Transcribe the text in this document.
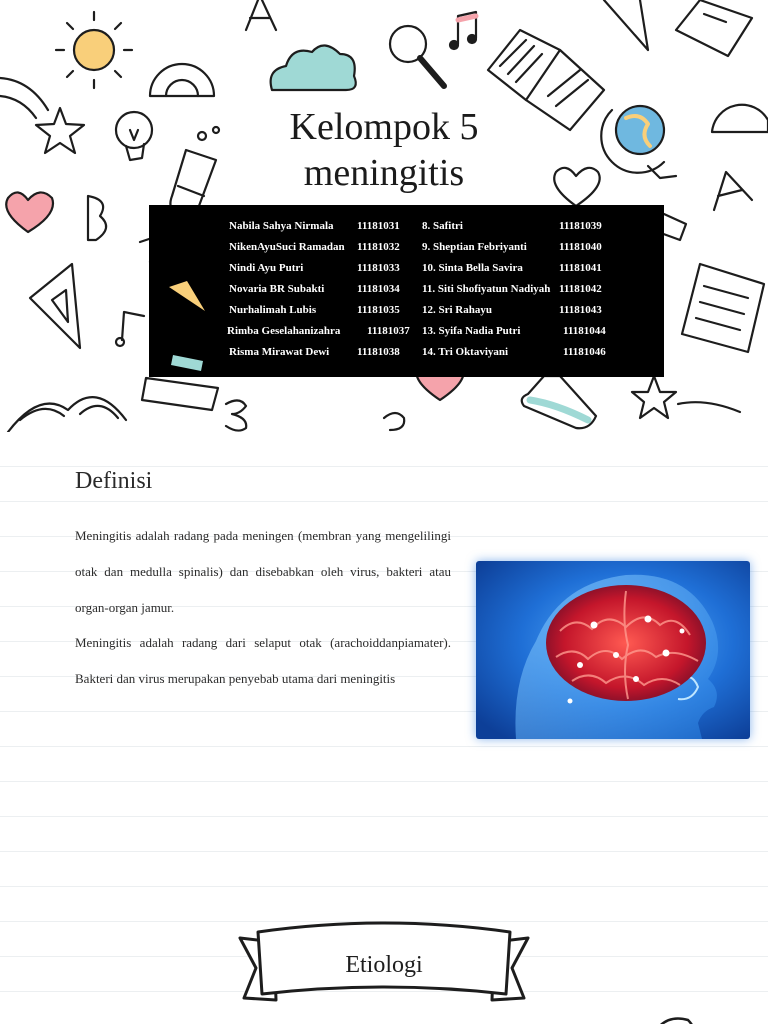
Kelompok 5
meningitis
Nabila Sahya Nirmala 11181031 8. Safitri	11181039
NikenAyuSuci Ramadan 11181032 9. Sheptian Febriyanti	11181040
Nindi Ayu Putri	11181033 10. Sinta Bella Savira	11181041
Novaria BR Subakti	11181034 11. Siti Shofiyatun Nadiyah 11181042
Nurhalimah Lubis	11181035 12. Sri Rahayu	11181043
Rimba Geselahanizahra 11181037 13. Syifa Nadia Putri	11181044
Risma Mirawat Dewi	11181038 14. Tri Oktaviyani	11181046
Definisi

Meningitis adalah radang pada meningen (membran yang mengelilingi otak dan medulla spinalis) dan disebabkan oleh virus, bakteri atau organ-organ jamur.

Meningitis adalah radang dari selaput otak (arachoiddanpiamater). Bakteri dan virus merupakan penyebab utama dari meningitis

Etiologi
